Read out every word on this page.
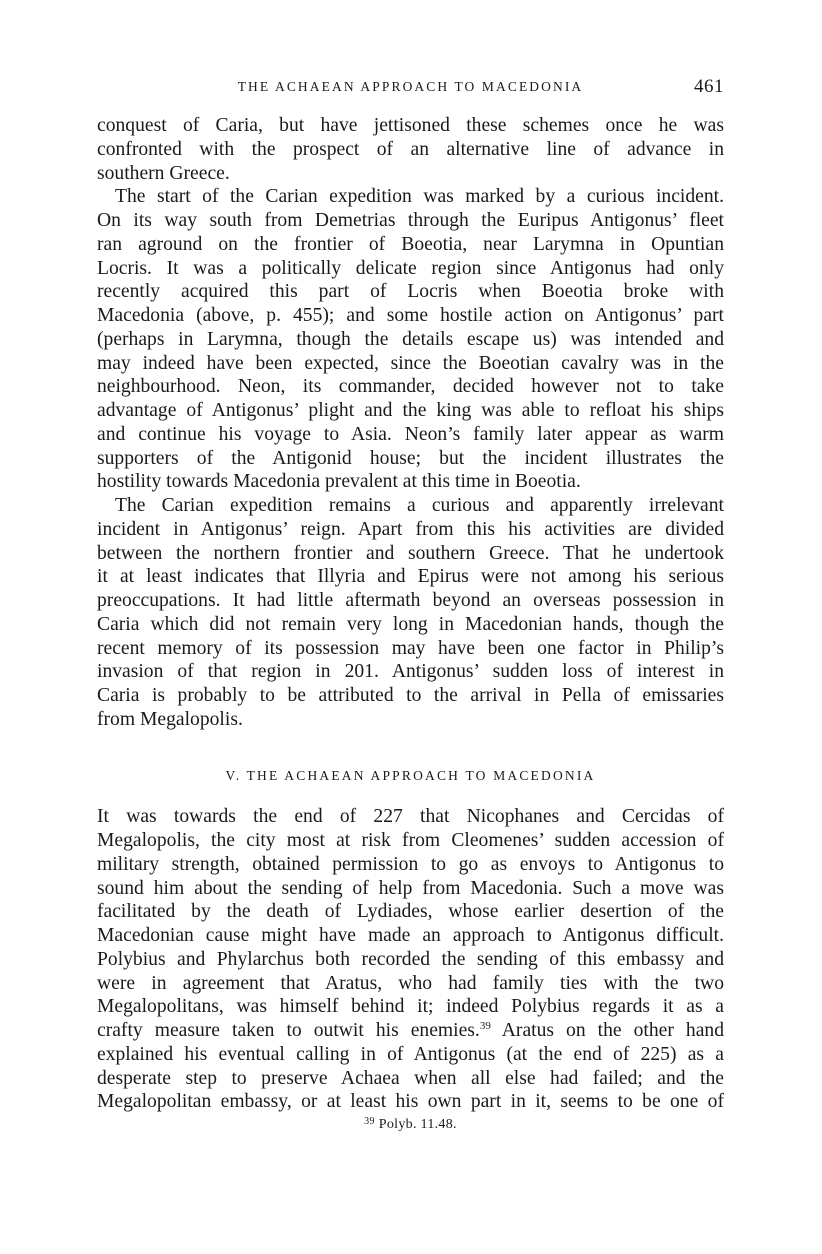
THE ACHAEAN APPROACH TO MACEDONIA	461
conquest of Caria, but have jettisoned these schemes once he was
confronted with the prospect of an alternative line of advance in
southern Greece.
The start of the Carian expedition was marked by a curious incident.
On its way south from Demetrias through the Euripus Antigonus’ fleet
ran aground on the frontier of Boeotia, near Larymna in Opuntian
Locris. It was a politically delicate region since Antigonus had only
recently acquired this part of Locris when Boeotia broke with
Macedonia (above, p. 455); and some hostile action on Antigonus’ part
(perhaps in Larymna, though the details escape us) was intended and
may indeed have been expected, since the Boeotian cavalry was in the
neighbourhood. Neon, its commander, decided however not to take
advantage of Antigonus’ plight and the king was able to refloat his ships
and continue his voyage to Asia. Neon’s family later appear as warm
supporters of the Antigonid house; but the incident illustrates the
hostility towards Macedonia prevalent at this time in Boeotia.
The Carian expedition remains a curious and apparently irrelevant
incident in Antigonus’ reign. Apart from this his activities are divided
between the northern frontier and southern Greece. That he undertook
it at least indicates that Illyria and Epirus were not among his serious
preoccupations. It had little aftermath beyond an overseas possession in
Caria which did not remain very long in Macedonian hands, though the
recent memory of its possession may have been one factor in Philip’s
invasion of that region in 201. Antigonus’ sudden loss of interest in
Caria is probably to be attributed to the arrival in Pella of emissaries
from Megalopolis.
V. THE ACHAEAN APPROACH TO MACEDONIA
It was towards the end of 227 that Nicophanes and Cercidas of
Megalopolis, the city most at risk from Cleomenes’ sudden accession of
military strength, obtained permission to go as envoys to Antigonus to
sound him about the sending of help from Macedonia. Such a move was
facilitated by the death of Lydiades, whose earlier desertion of the
Macedonian cause might have made an approach to Antigonus difficult.
Polybius and Phylarchus both recorded the sending of this embassy and
were in agreement that Aratus, who had family ties with the two
Megalopolitans, was himself behind it; indeed Polybius regards it as a
crafty measure taken to outwit his enemies.$^{39}$ Aratus on the other hand
explained his eventual calling in of Antigonus (at the end of 225) as a
desperate step to preserve Achaea when all else had failed; and the
Megalopolitan embassy, or at least his own part in it, seems to be one of
$^{39}$ Polyb. 11.48.
